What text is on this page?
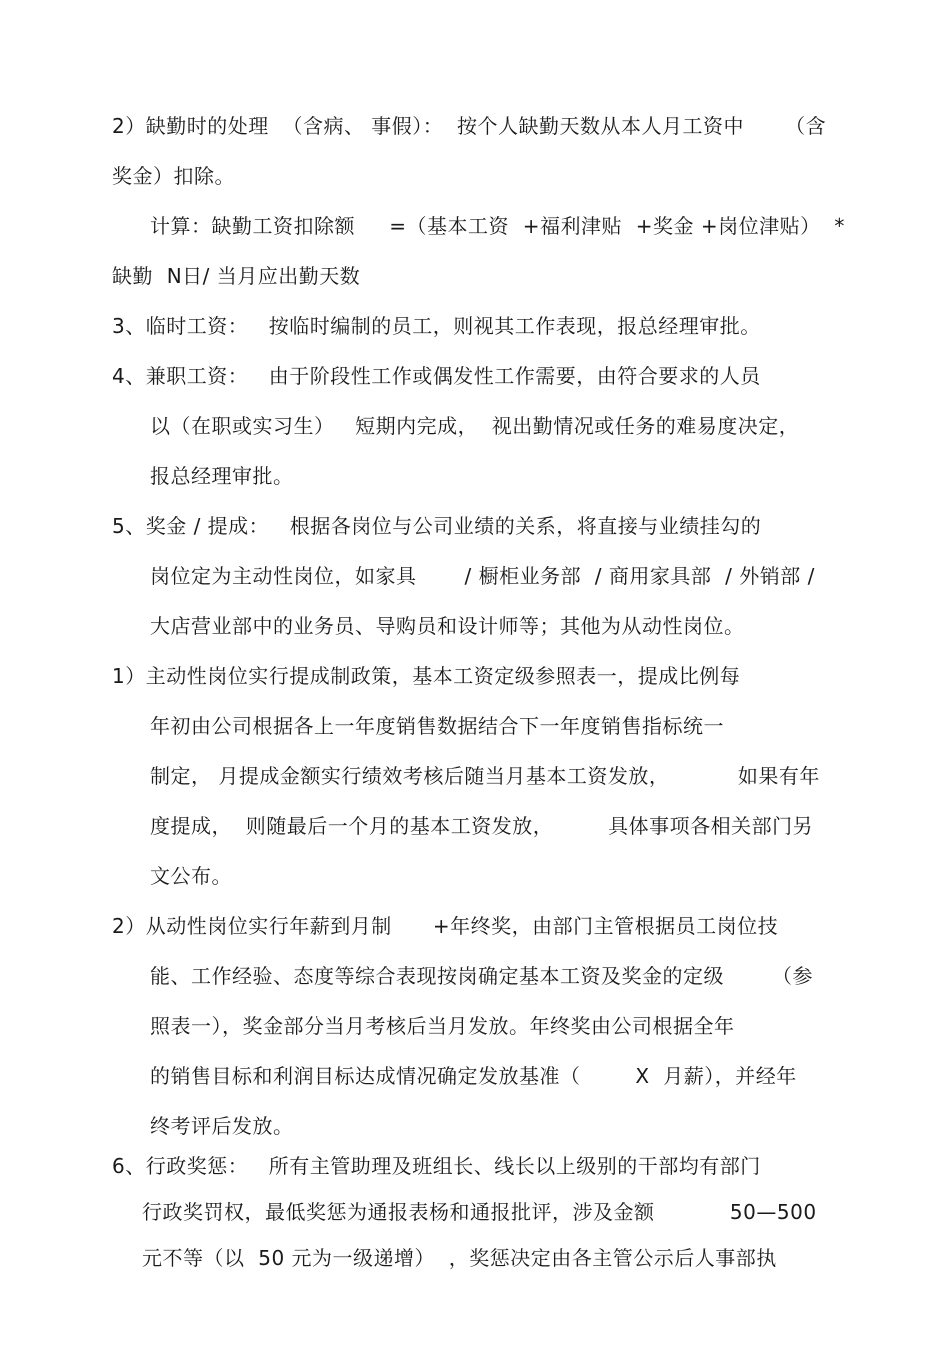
2）缺勤时的处理  （含病、 事假）：  按个人缺勤天数从本人月工资中      （含
奖金）扣除。
计算：缺勤工资扣除额     =（基本工资  +福利津贴  +奖金 +岗位津贴）  *
缺勤  N日/ 当月应出勤天数
3、临时工资：   按临时编制的员工，则视其工作表现，报总经理审批。
4、兼职工资：   由于阶段性工作或偶发性工作需要，由符合要求的人员
以（在职或实习生）   短期内完成，  视出勤情况或任务的难易度决定，
报总经理审批。
5、奖金 / 提成：   根据各岗位与公司业绩的关系，将直接与业绩挂勾的
岗位定为主动性岗位，如家具       / 橱柜业务部  / 商用家具部  / 外销部 /
大店营业部中的业务员、导购员和设计师等；其他为从动性岗位。
1）主动性岗位实行提成制政策，基本工资定级参照表一，提成比例每
年初由公司根据各上一年度销售数据结合下一年度销售指标统一
制定， 月提成金额实行绩效考核后随当月基本工资发放，          如果有年
度提成，  则随最后一个月的基本工资发放，        具体事项各相关部门另
文公布。
2）从动性岗位实行年薪到月制      +年终奖，由部门主管根据员工岗位技
能、工作经验、态度等综合表现按岗确定基本工资及奖金的定级       （参
照表一），奖金部分当月考核后当月发放。年终奖由公司根据全年
的销售目标和利润目标达成情况确定发放基准（        X  月薪），并经年
终考评后发放。
6、行政奖惩：   所有主管助理及班组长、线长以上级别的干部均有部门
行政奖罚权，最低奖惩为通报表杨和通报批评，涉及金额           50—500
元不等（以  50 元为一级递增）  ，奖惩决定由各主管公示后人事部执
